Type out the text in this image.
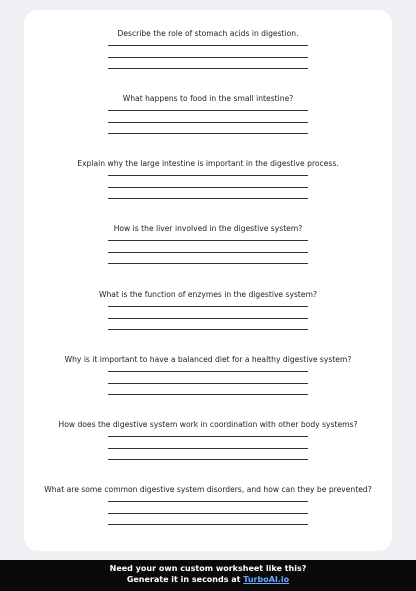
Describe the role of stomach acids in digestion.
What happens to food in the small intestine?
Explain why the large intestine is important in the digestive process.
How is the liver involved in the digestive system?
What is the function of enzymes in the digestive system?
Why is it important to have a balanced diet for a healthy digestive system?
How does the digestive system work in coordination with other body systems?
What are some common digestive system disorders, and how can they be prevented?
Need your own custom worksheet like this?
Generate it in seconds at TurboAI.io
